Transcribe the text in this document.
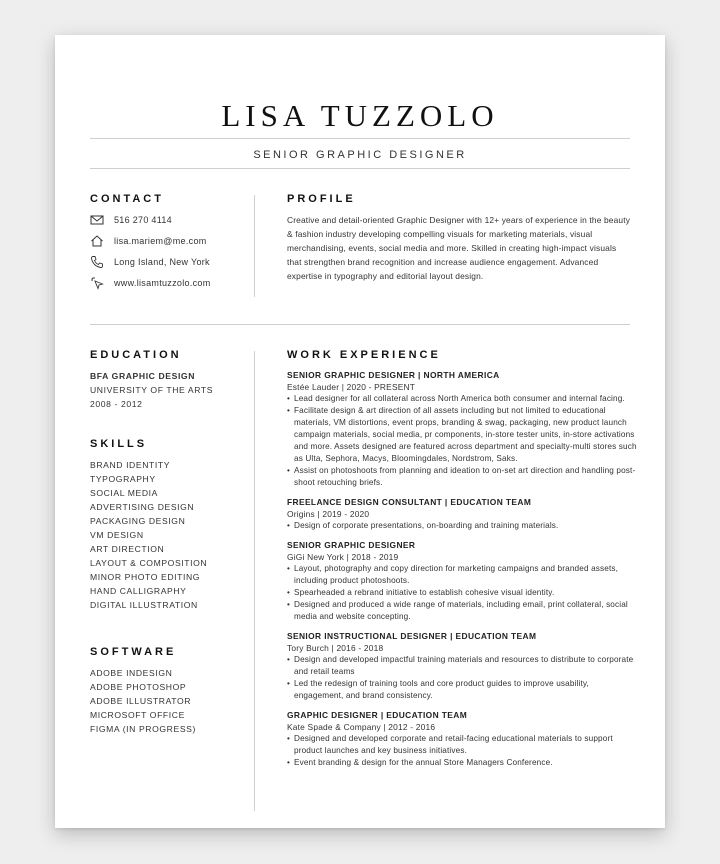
LISA TUZZOLO
SENIOR GRAPHIC DESIGNER
CONTACT
516 270 4114
lisa.mariem@me.com
Long Island, New York
www.lisamtuzzolo.com
PROFILE

Creative and detail-oriented Graphic Designer with 12+ years of experience in the beauty & fashion industry developing compelling visuals for marketing materials, visual merchandising, events, social media and more. Skilled in creating high-impact visuals that strengthen brand recognition and increase audience engagement. Advanced expertise in typography and editorial layout design.

EDUCATION
BFA GRAPHIC DESIGN
UNIVERSITY OF THE ARTS
2008 - 2012
SKILLS
BRAND IDENTITY
TYPOGRAPHY
SOCIAL MEDIA
ADVERTISING DESIGN
PACKAGING DESIGN
VM DESIGN
ART DIRECTION
LAYOUT & COMPOSITION
MINOR PHOTO EDITING
HAND CALLIGRAPHY
DIGITAL ILLUSTRATION
SOFTWARE
ADOBE INDESIGN
ADOBE PHOTOSHOP
ADOBE ILLUSTRATOR
MICROSOFT OFFICE
FIGMA (IN PROGRESS)
WORK EXPERIENCE
SENIOR GRAPHIC DESIGNER | NORTH AMERICA
Estée Lauder | 2020 - PRESENT
• Lead designer for all collateral across North America both consumer and internal facing.
• Facilitate design & art direction of all assets including but not limited to educational materials, VM distortions, event props, branding & swag, packaging, new product launch campaign materials, social media, pr components, in-store tester units, in-store activations and more. Assets designed are featured across department and specialty-multi stores such as Ulta, Sephora, Macys, Bloomingdales, Nordstrom, Saks.
• Assist on photoshoots from planning and ideation to on-set art direction and handling post-shoot retouching briefs.
FREELANCE DESIGN CONSULTANT | EDUCATION TEAM
Origins | 2019 - 2020
• Design of corporate presentations, on-boarding and training materials.
SENIOR GRAPHIC DESIGNER
GiGi New York | 2018 - 2019
• Layout, photography and copy direction for marketing campaigns and branded assets, including product photoshoots.
• Spearheaded a rebrand initiative to establish cohesive visual identity.
• Designed and produced a wide range of materials, including email, print collateral, social media and website concepting.
SENIOR INSTRUCTIONAL DESIGNER | EDUCATION TEAM
Tory Burch | 2016 - 2018
• Design and developed impactful training materials and resources to distribute to corporate and retail teams
• Led the redesign of training tools and core product guides to improve usability, engagement, and brand consistency.
GRAPHIC DESIGNER | EDUCATION TEAM
Kate Spade & Company | 2012 - 2016
• Designed and developed corporate and retail-facing educational materials to support product launches and key business initiatives.
• Event branding & design for the annual Store Managers Conference.
